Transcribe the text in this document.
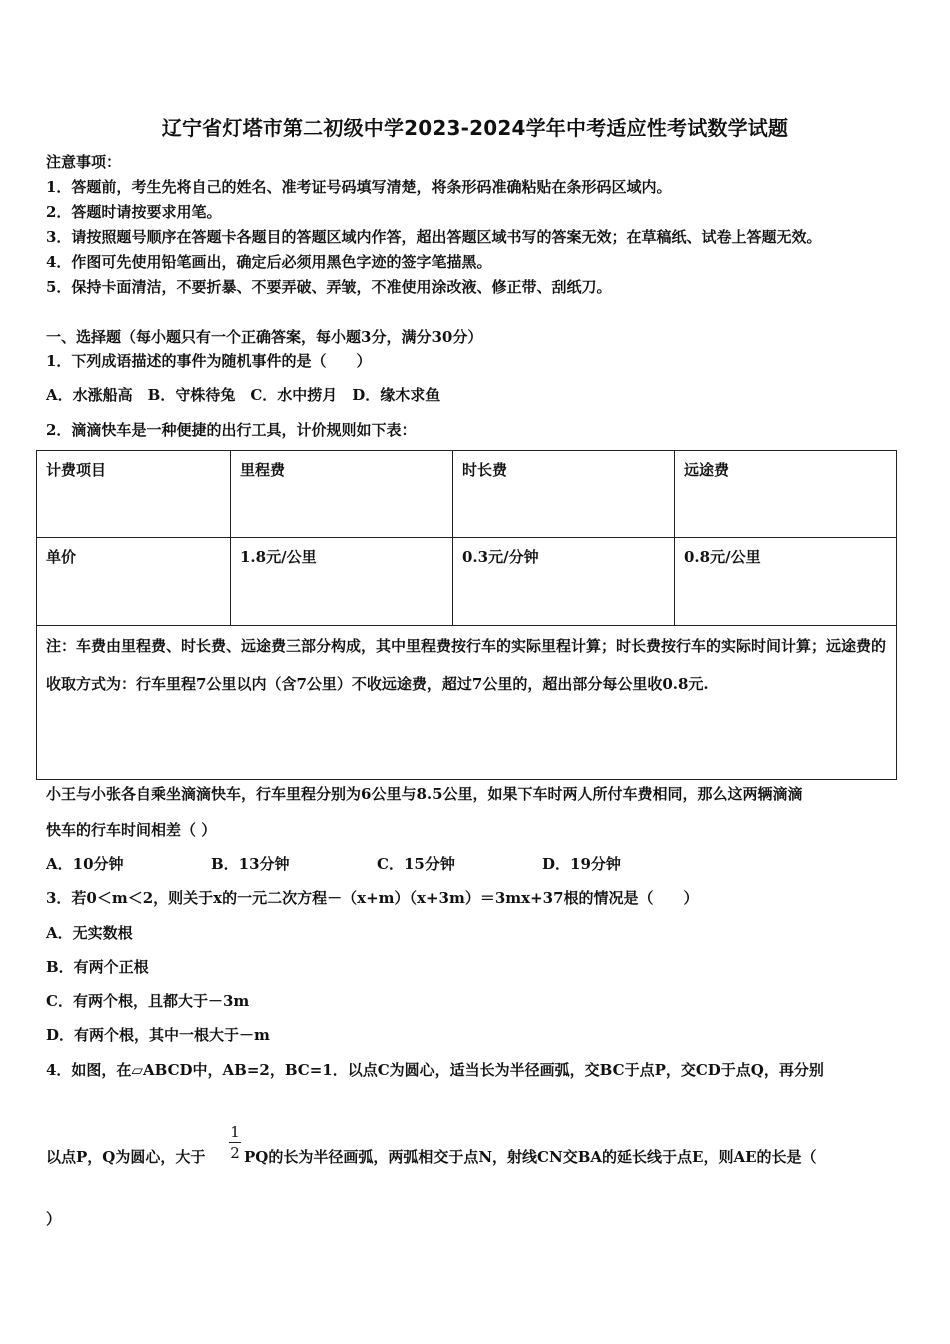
辽宁省灯塔市第二初级中学2023-2024学年中考适应性考试数学试题
注意事项：
1．答题前，考生先将自己的姓名、准考证号码填写清楚，将条形码准确粘贴在条形码区域内。
2．答题时请按要求用笔。
3．请按照题号顺序在答题卡各题目的答题区域内作答，超出答题区域书写的答案无效；在草稿纸、试卷上答题无效。
4．作图可先使用铅笔画出，确定后必须用黑色字迹的签字笔描黑。
5．保持卡面清洁，不要折暴、不要弄破、弄皱，不准使用涂改液、修正带、刮纸刀。
一、选择题（每小题只有一个正确答案，每小题3分，满分30分）
1．下列成语描述的事件为随机事件的是（　　）
A．水涨船高　B．守株待兔　C．水中捞月　D．缘木求鱼
2．滴滴快车是一种便捷的出行工具，计价规则如下表：
计费项目	里程费	时长费	远途费
单价	1.8元/公里	0.3元/分钟	0.8元/公里
注：车费由里程费、时长费、远途费三部分构成，其中里程费按行车的实际里程计算；时长费按行车的实际时间计算；远途费的收取方式为：行车里程7公里以内（含7公里）不收远途费，超过7公里的，超出部分每公里收0.8元.			
小王与小张各自乘坐滴滴快车，行车里程分别为6公里与8.5公里，如果下车时两人所付车费相同，那么这两辆滴滴
快车的行车时间相差（ ）
A．10分钟	B．13分钟	C．15分钟	D．19分钟
3．若0＜m＜2，则关于x的一元二次方程－（x+m）（x+3m）＝3mx+37根的情况是（　　）
A．无实数根
B．有两个正根
C．有两个根，且都大于－3m
D．有两个根，其中一根大于－m
4．如图，在▱ABCD中，AB=2，BC=1．以点C为圆心，适当长为半径画弧，交BC于点P，交CD于点Q，再分别
1
2
以点P，Q为圆心，大于	PQ的长为半径画弧，两弧相交于点N，射线CN交BA的延长线于点E，则AE的长是（
）
